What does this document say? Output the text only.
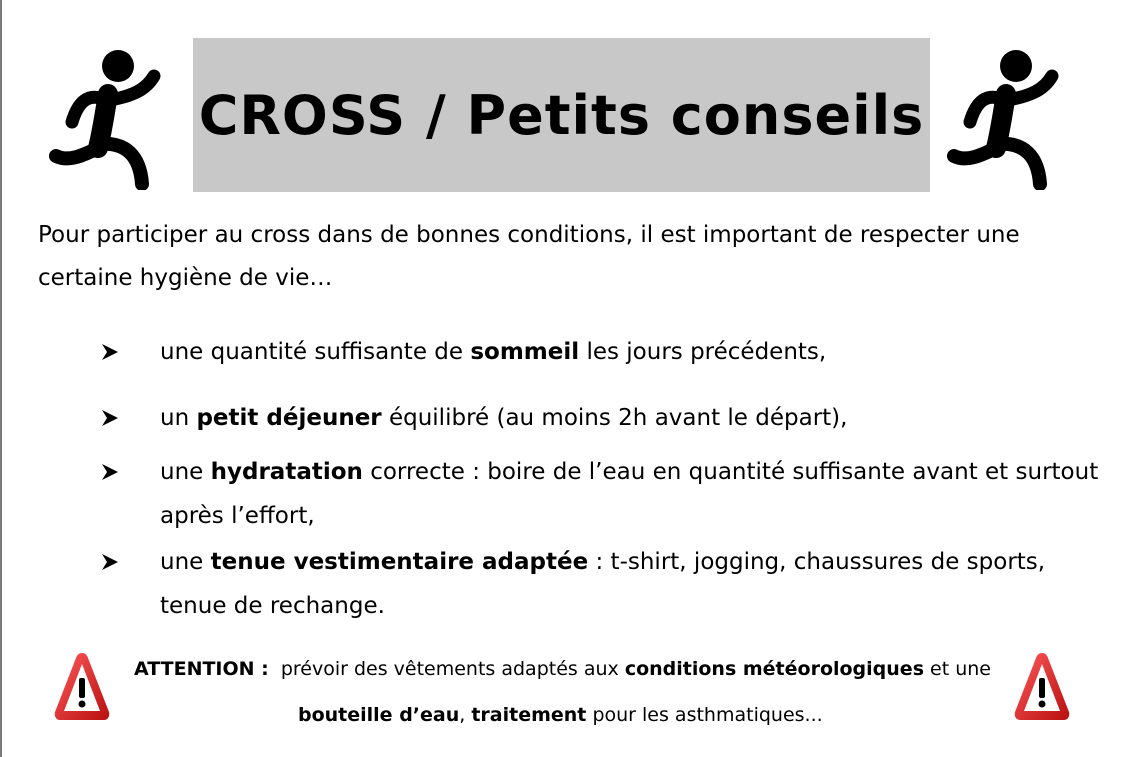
CROSS / Petits conseils

Pour participer au cross dans de bonnes conditions, il est important de respecter une certaine hygiène de vie…

une quantité suffisante de sommeil les jours précédents,
un petit déjeuner équilibré (au moins 2h avant le départ),
une hydratation correcte : boire de l’eau en quantité suffisante avant et surtout après l’effort,
une tenue vestimentaire adaptée : t-shirt, jogging, chaussures de sports, tenue de rechange.
ATTENTION : prévoir des vêtements adaptés aux conditions météorologiques et une
bouteille d’eau, traitement pour les asthmatiques...
